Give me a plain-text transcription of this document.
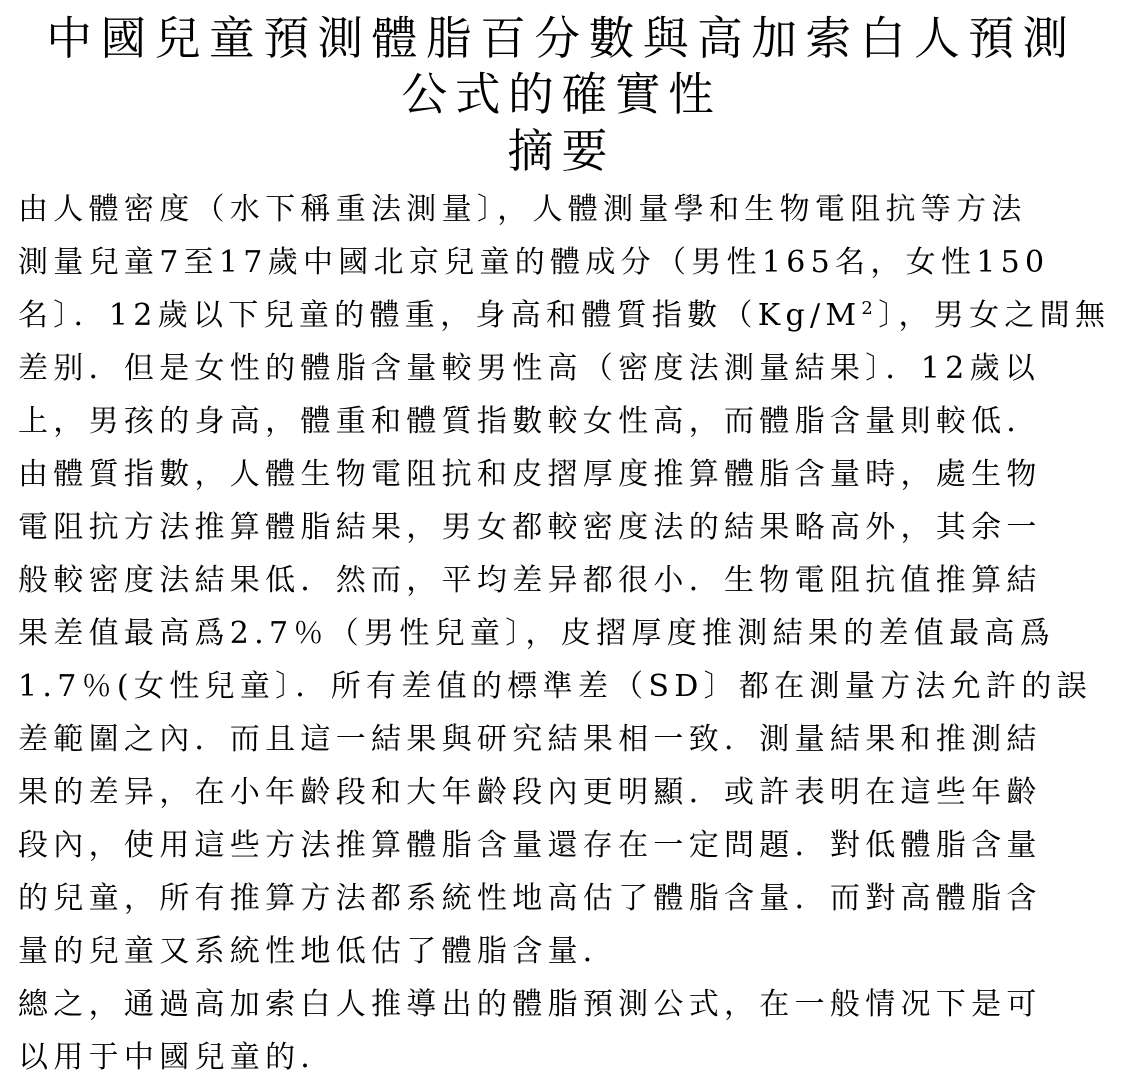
中國兒童預測體脂百分數與高加索白人預測
公式的確實性
摘要
由人體密度（水下稱重法測量〕，人體測量學和生物電阻抗等方法
測量兒童7至17歲中國北京兒童的體成分（男性165名，女性150
名〕．12歲以下兒童的體重，身高和體質指數（$Kg/M^2$〕，男女之間無
差别．但是女性的體脂含量較男性高（密度法測量結果〕．12歲以
上，男孩的身高，體重和體質指數較女性高，而體脂含量則較低．
由體質指數，人體生物電阻抗和皮摺厚度推算體脂含量時，處生物
電阻抗方法推算體脂結果，男女都較密度法的結果略高外，其余一
般較密度法結果低．然而，平均差异都很小．生物電阻抗值推算結
果差值最高爲2.7％（男性兒童〕，皮摺厚度推測結果的差值最高爲
1.7％(女性兒童〕．所有差值的標準差（SD〕都在測量方法允許的誤
差範圍之內．而且這一結果與研究結果相一致．測量結果和推測結
果的差异，在小年齡段和大年齡段內更明顯．或許表明在這些年齡
段內，使用這些方法推算體脂含量還存在一定問題．對低體脂含量
的兒童，所有推算方法都系統性地高估了體脂含量．而對高體脂含
量的兒童又系統性地低估了體脂含量．
總之，通過高加索白人推導出的體脂預測公式，在一般情况下是可
以用于中國兒童的．
